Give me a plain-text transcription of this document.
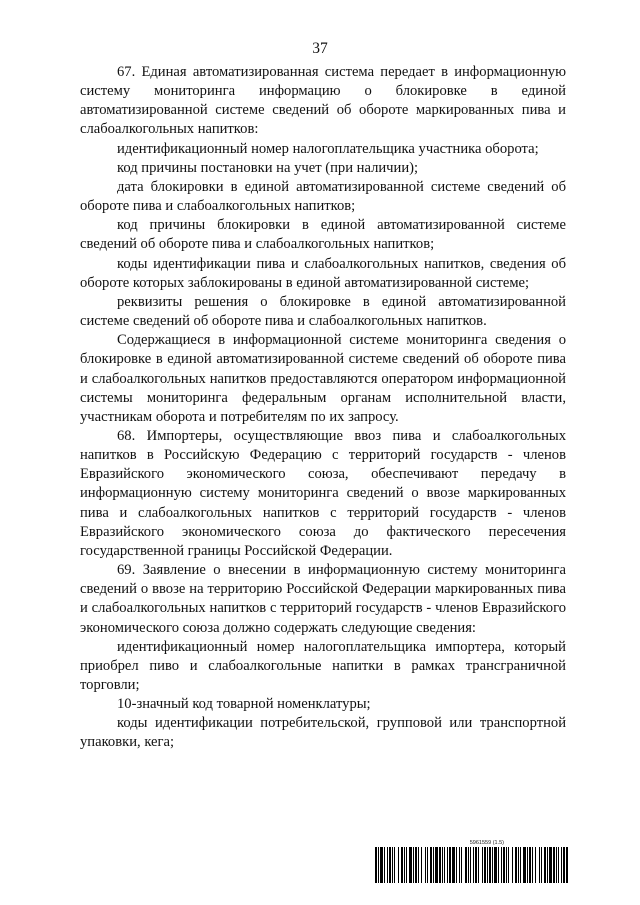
37

67. Единая автоматизированная система передает в информационную систему мониторинга информацию о блокировке в единой автоматизированной системе сведений об обороте маркированных пива и слабоалкогольных напитков:

идентификационный номер налогоплательщика участника оборота;

код причины постановки на учет (при наличии);

дата блокировки в единой автоматизированной системе сведений об обороте пива и слабоалкогольных напитков;

код причины блокировки в единой автоматизированной системе сведений об обороте пива и слабоалкогольных напитков;

коды идентификации пива и слабоалкогольных напитков, сведения об обороте которых заблокированы в единой автоматизированной системе;

реквизиты решения о блокировке в единой автоматизированной системе сведений об обороте пива и слабоалкогольных напитков.

Содержащиеся в информационной системе мониторинга сведения о блокировке в единой автоматизированной системе сведений об обороте пива и слабоалкогольных напитков предоставляются оператором информационной системы мониторинга федеральным органам исполнительной власти, участникам оборота и потребителям по их запросу.

68. Импортеры, осуществляющие ввоз пива и слабоалкогольных напитков в Российскую Федерацию с территорий государств - членов Евразийского экономического союза, обеспечивают передачу в информационную систему мониторинга сведений о ввозе маркированных пива и слабоалкогольных напитков с территорий государств - членов Евразийского экономического союза до фактического пересечения государственной границы Российской Федерации.

69. Заявление о внесении в информационную систему мониторинга сведений о ввозе на территорию Российской Федерации маркированных пива и слабоалкогольных напитков с территорий государств - членов Евразийского экономического союза должно содержать следующие сведения:

идентификационный номер налогоплательщика импортера, который приобрел пиво и слабоалкогольные напитки в рамках трансграничной торговли;

10-значный код товарной номенклатуры;

коды идентификации потребительской, групповой или транспортной упаковки, кега;

5961559 (1.5)
